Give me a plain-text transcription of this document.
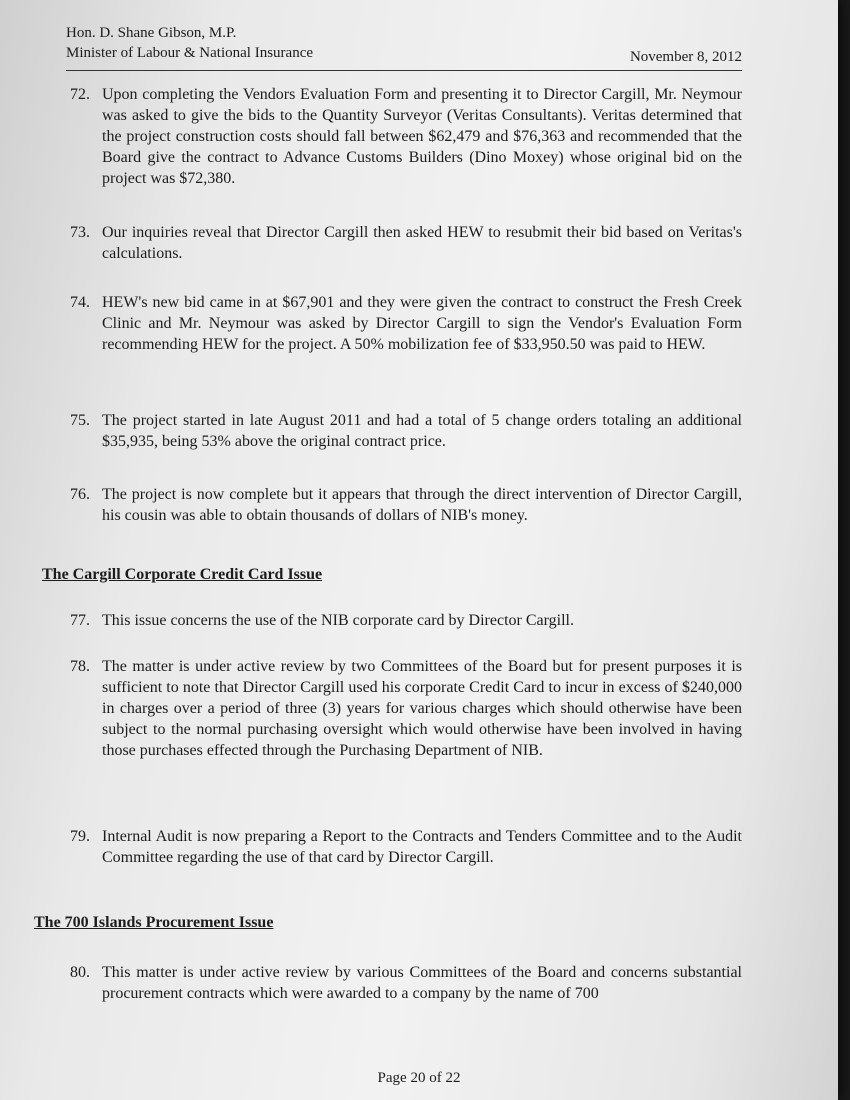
Hon. D. Shane Gibson, M.P.
Minister of Labour & National Insurance	November 8, 2012
72. Upon completing the Vendors Evaluation Form and presenting it to Director Cargill, Mr. Neymour was asked to give the bids to the Quantity Surveyor (Veritas Consultants). Veritas determined that the project construction costs should fall between $62,479 and $76,363 and recommended that the Board give the contract to Advance Customs Builders (Dino Moxey) whose original bid on the project was $72,380.
73. Our inquiries reveal that Director Cargill then asked HEW to resubmit their bid based on Veritas's calculations.
74. HEW's new bid came in at $67,901 and they were given the contract to construct the Fresh Creek Clinic and Mr. Neymour was asked by Director Cargill to sign the Vendor's Evaluation Form recommending HEW for the project. A 50% mobilization fee of $33,950.50 was paid to HEW.
75. The project started in late August 2011 and had a total of 5 change orders totaling an additional $35,935, being 53% above the original contract price.
76. The project is now complete but it appears that through the direct intervention of Director Cargill, his cousin was able to obtain thousands of dollars of NIB's money.
The Cargill Corporate Credit Card Issue
77. This issue concerns the use of the NIB corporate card by Director Cargill.
78. The matter is under active review by two Committees of the Board but for present purposes it is sufficient to note that Director Cargill used his corporate Credit Card to incur in excess of $240,000 in charges over a period of three (3) years for various charges which should otherwise have been subject to the normal purchasing oversight which would otherwise have been involved in having those purchases effected through the Purchasing Department of NIB.
79. Internal Audit is now preparing a Report to the Contracts and Tenders Committee and to the Audit Committee regarding the use of that card by Director Cargill.
The 700 Islands Procurement Issue
80. This matter is under active review by various Committees of the Board and concerns substantial procurement contracts which were awarded to a company by the name of 700
Page 20 of 22
